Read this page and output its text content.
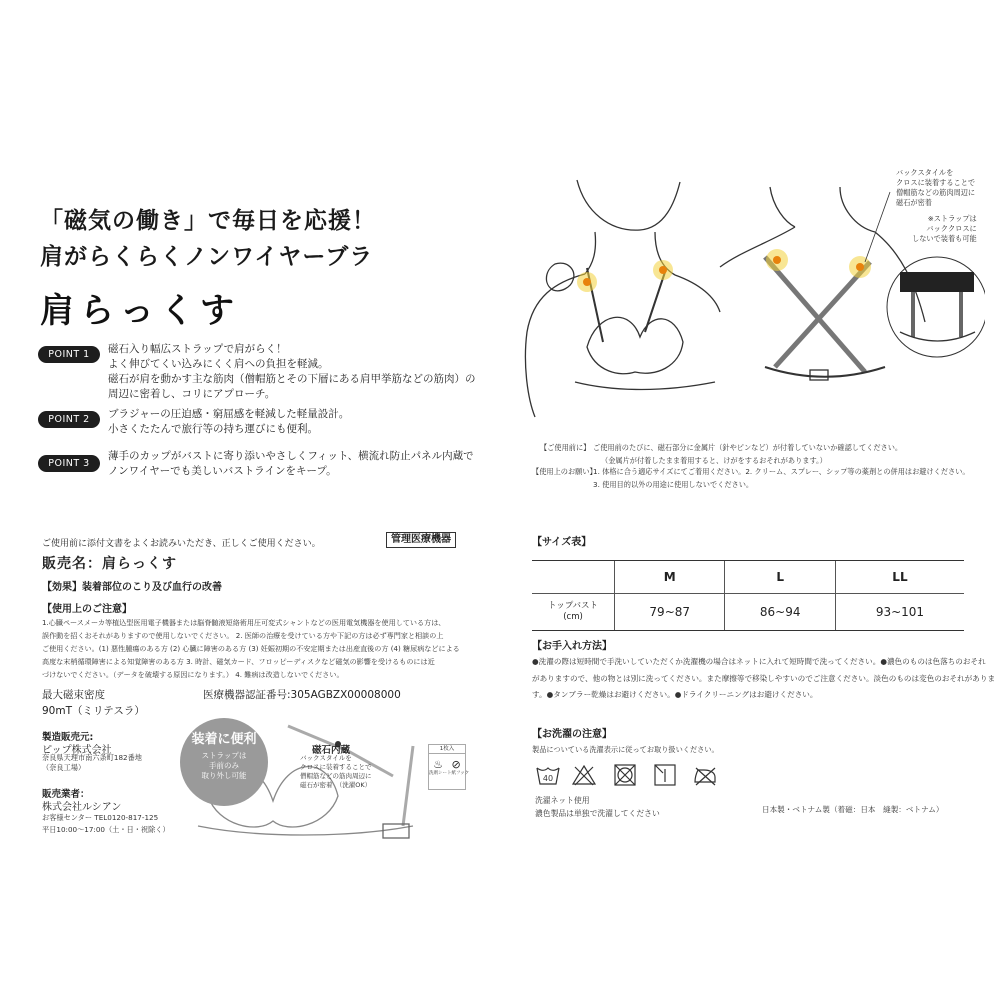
「磁気の働き」で毎日を応援！
肩がらくらくノンワイヤーブラ
肩らっくす
POINT 1	磁石入り幅広ストラップで肩がらく！
よく伸びてくい込みにくく肩への負担を軽減。
磁石が肩を動かす主な筋肉（僧帽筋とその下層にある肩甲挙筋などの筋肉）の
周辺に密着し、コリにアプローチ。
POINT 2	ブラジャーの圧迫感・窮屈感を軽減した軽量設計。
小さくたたんで旅行等の持ち運びにも便利。
POINT 3
薄手のカップがバストに寄り添いやさしくフィット、横流れ防止パネル内蔵で
ノンワイヤーでも美しいバストラインをキープ。
バックスタイルを
クロスに装着することで
僧帽筋などの筋肉周辺に
磁石が密着
※ストラップは
バッククロスに
しないで装着も可能
【ご使用前に】 ご使用前のたびに、磁石部分に金属片（針やピンなど）が付着していないか確認してください。
（金属片が付着したまま着用すると、けがをするおそれがあります。）
【使用上のお願い】
1. 体格に合う適応サイズにてご着用ください。2. クリーム、スプレー、シップ等の薬剤との併用はお避けください。
3. 使用目的以外の用途に使用しないでください。
ご使用前に添付文書をよくお読みいただき、正しくご使用ください。	管理医療機器
販売名：肩らっくす
【効果】装着部位のこり及び血行の改善
【使用上のご注意】
1.心臓ペースメーカ等植込型医用電子機器または脳脊髄液短絡術用圧可変式シャントなどの医用電気機器を使用している方は、
誤作動を招くおそれがありますので使用しないでください。 2. 医師の治療を受けている方や下記の方は必ず専門家と相談の上
ご使用ください。(1) 悪性腫瘍のある方 (2) 心臓に障害のある方 (3) 妊娠初期の不安定期または出産直後の方 (4) 糖尿病などによる
高度な末梢循環障害による知覚障害のある方 3. 時計、磁気カード、フロッピーディスクなど磁気の影響を受けるものには近
づけないでください。（データを破壊する原因になります。） 4. 難病は改造しないでください。
最大磁束密度
90mT（ミリテスラ）
医療機器認証番号:305AGBZX00008000
製造販売元:
ピップ株式会社
奈良県天理市南六条町182番地
（奈良工場）
販売業者：
株式会社ルシアン
お客様センター TEL0120-817-125
平日10:00〜17:00（土・日・祝除く）
装着に便利
ストラップは
手前のみ
取り外し可能
磁石内蔵
バックスタイルを
クロスに装着することで
僧帽筋などの筋肉周辺に
磁石が密着　（洗濯OK）
1枚入
♨ ⊘
洗剤シート 紙フック
【サイズ表】
	M	L	LL

トップバスト
(cm)	79~87	86~94	93~101
【お手入れ方法】
●洗濯の際は短時間で手洗いしていただくか洗濯機の場合はネットに入れて短時間で洗ってください。●濃色のものは色落ちのおそれ
がありますので、他の物とは別に洗ってください。また摩擦等で移染しやすいのでご注意ください。淡色のものは変色のおそれがありま
す。●タンブラー乾燥はお避けください。●ドライクリーニングはお避けください。
【お洗濯の注意】
製品についている洗濯表示に従ってお取り扱いください。
40
洗濯ネット使用
濃色製品は単独で洗濯してください	日本製・ベトナム製（着磁：日本　縫製：ベトナム）
